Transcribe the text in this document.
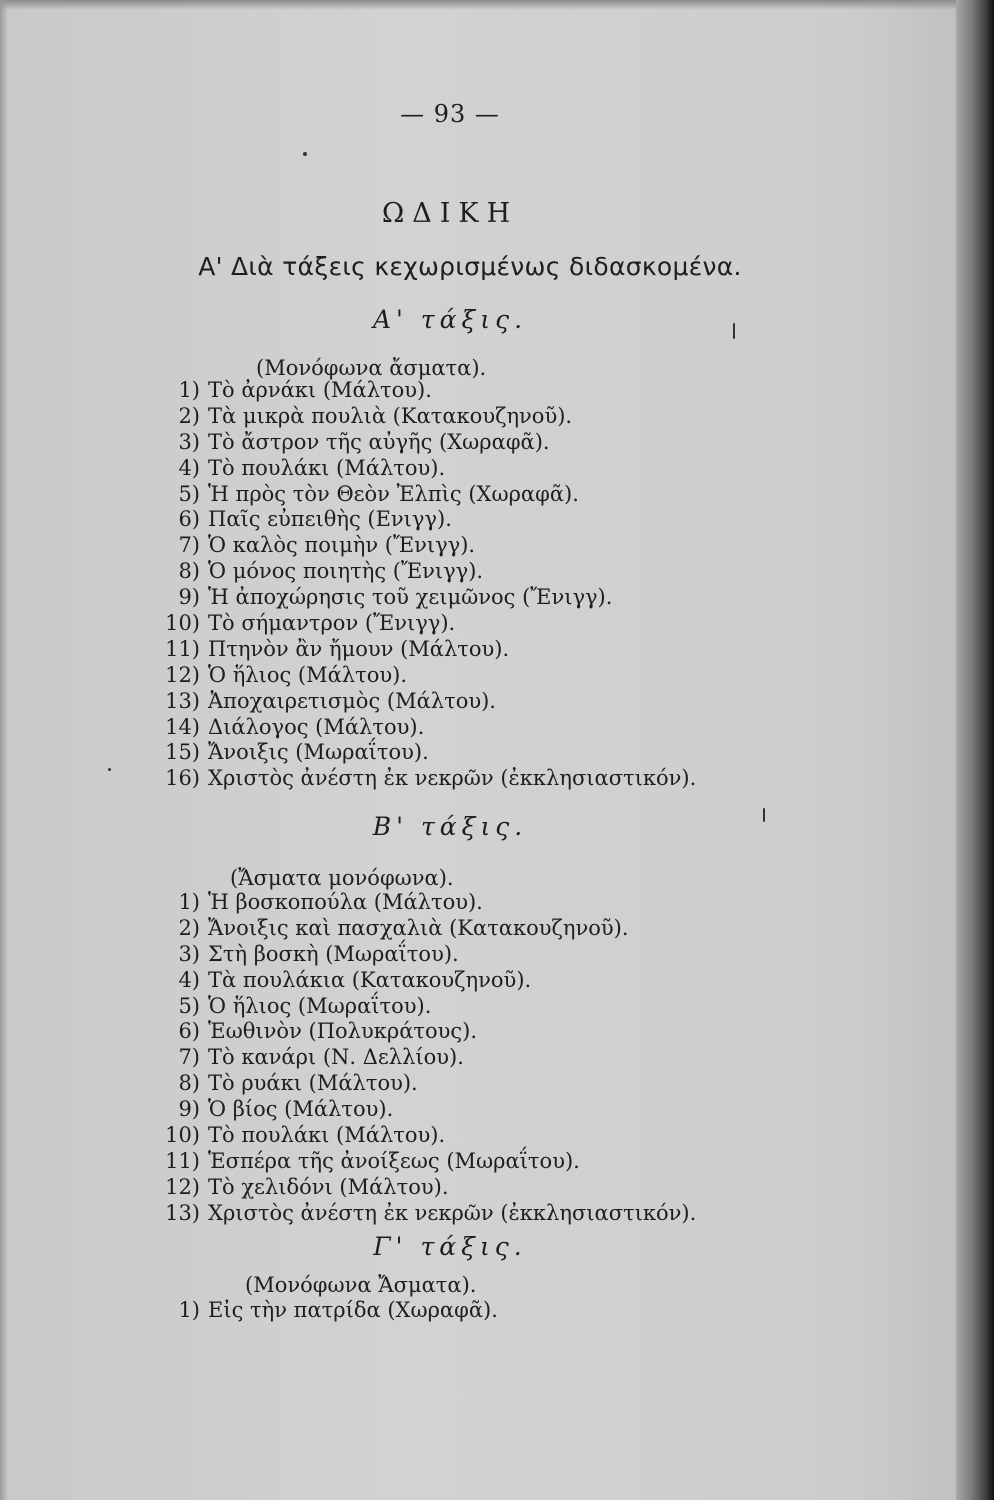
— 93 —
ΩΔΙΚΗ
Α' Διὰ τάξεις κεχωρισμένως διδασκομένα.
Α' τάξις.
(Μονόφωνα ἄσματα).
1) Τὸ ἀρνάκι (Μάλτου).
2) Τὰ μικρὰ πουλιὰ (Κατακουζηνοῦ).
3) Τὸ ἄστρον τῆς αὐγῆς (Χωραφᾶ).
4) Τὸ πουλάκι (Μάλτου).
5) Ἡ πρὸς τὸν Θεὸν Ἐλπὶς (Χωραφᾶ).
6) Παῖς εὐπειθὴς (Ενιγγ).
7) Ὁ καλὸς ποιμὴν (Ἔνιγγ).
8) Ὁ μόνος ποιητὴς (Ἔνιγγ).
9) Ἡ ἀποχώρησις τοῦ χειμῶνος (Ἔνιγγ).
10) Τὸ σήμαντρον (Ἔνιγγ).
11) Πτηνὸν ἂν ἤμουν (Μάλτου).
12) Ὁ ἥλιος (Μάλτου).
13) Ἀποχαιρετισμὸς (Μάλτου).
14) Διάλογος (Μάλτου).
15) Ἄνοιξις (Μωραΐτου).
16) Χριστὸς ἀνέστη ἐκ νεκρῶν (ἐκκλησιαστικόν).
Β' τάξις.
(Ἄσματα μονόφωνα).
1) Ἡ βοσκοπούλα (Μάλτου).
2) Ἄνοιξις καὶ πασχαλιὰ (Κατακουζηνοῦ).
3) Στὴ βοσκὴ (Μωραΐτου).
4) Τὰ πουλάκια (Κατακουζηνοῦ).
5) Ὁ ἥλιος (Μωραΐτου).
6) Ἑωθινὸν (Πολυκράτους).
7) Τὸ κανάρι (Ν. Δελλίου).
8) Τὸ ρυάκι (Μάλτου).
9) Ὁ βίος (Μάλτου).
10) Τὸ πουλάκι (Μάλτου).
11) Ἑσπέρα τῆς ἀνοίξεως (Μωραΐτου).
12) Τὸ χελιδόνι (Μάλτου).
13) Χριστὸς ἀνέστη ἐκ νεκρῶν (ἐκκλησιαστικόν).
Γ' τάξις.
(Μονόφωνα Ἄσματα).
1) Εἰς τὴν πατρίδα (Χωραφᾶ).
